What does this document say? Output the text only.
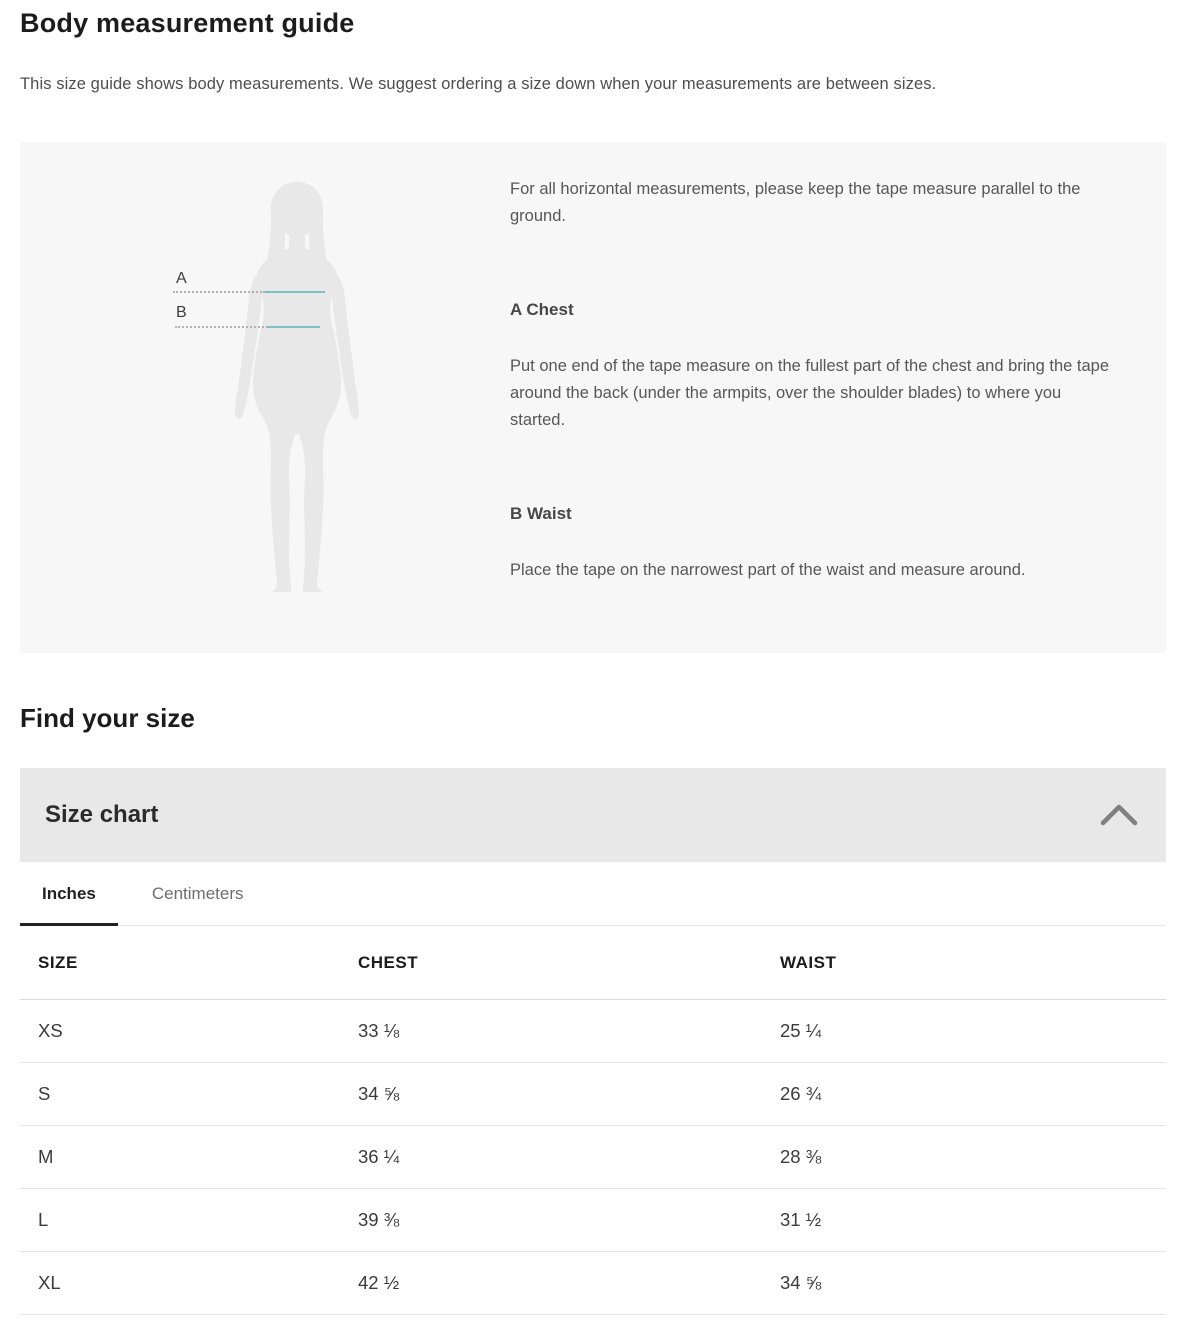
Body measurement guide

This size guide shows body measurements. We suggest ordering a size down when your measurements are between sizes.

A
B

For all horizontal measurements, please keep the tape measure parallel to the ground.

A Chest

Put one end of the tape measure on the fullest part of the chest and bring the tape around the back (under the armpits, over the shoulder blades) to where you started.

B Waist

Place the tape on the narrowest part of the waist and measure around.

Find your size
Size chart
Inches	Centimeters
SIZE	CHEST	WAIST
XS	33 ⅛	25 ¼
S	34 ⅝	26 ¾
M	36 ¼	28 ⅜
L	39 ⅜	31 ½
XL	42 ½	34 ⅝
